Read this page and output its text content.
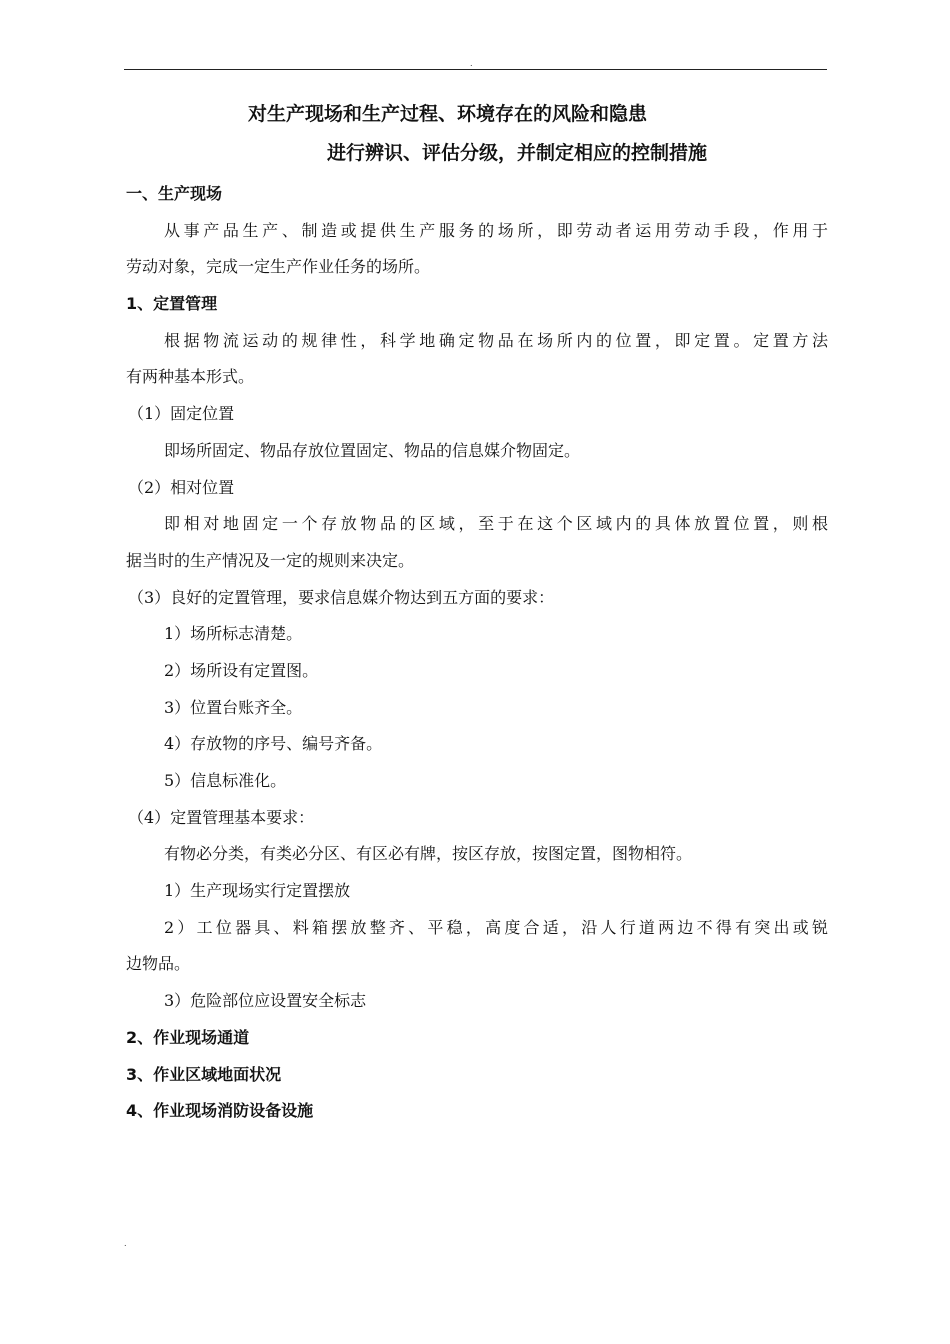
.
对生产现场和生产过程、环境存在的风险和隐患
进行辨识、评估分级，并制定相应的控制措施
一、生产现场
从事产品生产、制造或提供生产服务的场所，即劳动者运用劳动手段，作用于
劳动对象，完成一定生产作业任务的场所。
1、定置管理
根据物流运动的规律性，科学地确定物品在场所内的位置，即定置。定置方法
有两种基本形式。
（1）固定位置
即场所固定、物品存放位置固定、物品的信息媒介物固定。
（2）相对位置
即相对地固定一个存放物品的区域，至于在这个区域内的具体放置位置，则根
据当时的生产情况及一定的规则来决定。
（3）良好的定置管理，要求信息媒介物达到五方面的要求：
1）场所标志清楚。
2）场所设有定置图。
3）位置台账齐全。
4）存放物的序号、编号齐备。
5）信息标准化。
（4）定置管理基本要求：
有物必分类，有类必分区、有区必有牌，按区存放，按图定置，图物相符。
1）生产现场实行定置摆放
2）工位器具、料箱摆放整齐、平稳，高度合适，沿人行道两边不得有突出或锐
边物品。
3）危险部位应设置安全标志
2、作业现场通道
3、作业区域地面状况
4、作业现场消防设备设施
.
